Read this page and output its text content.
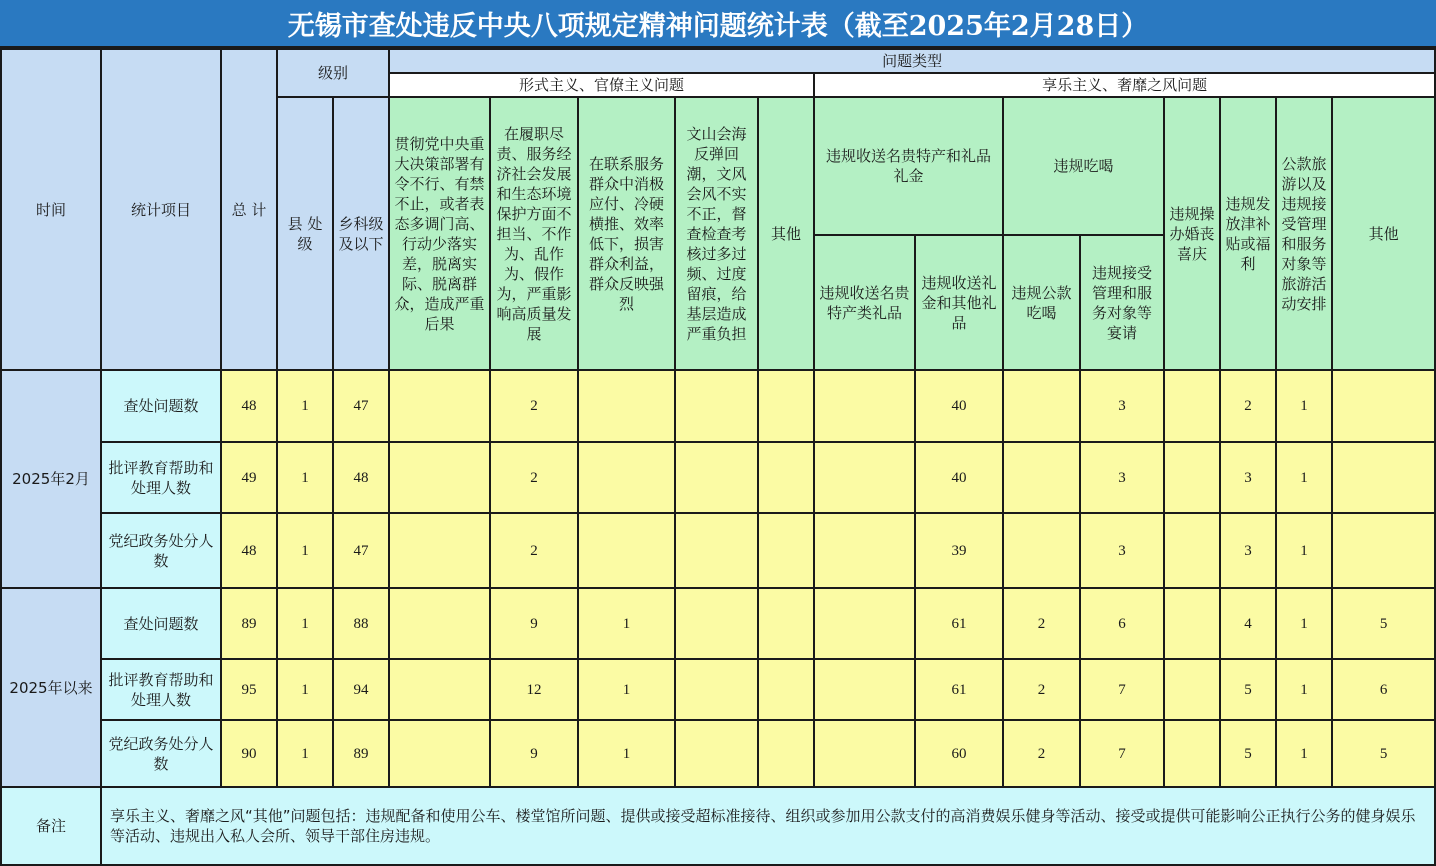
无锡市查处违反中央八项规定精神问题统计表（截至2025年2月28日）
时间	统计项目	总 计	级别		问题类型												
					形式主义、官僚主义问题					享乐主义、奢靡之风问题							
			县 处 级	乡科级及以下	贯彻党中央重大决策部署有令不行、有禁不止，或者表态多调门高、行动少落实差，脱离实际、脱离群众，造成严重后果	在履职尽责、服务经济社会发展和生态环境保护方面不担当、不作为、乱作为、假作为，严重影响高质量发展	在联系服务群众中消极应付、冷硬横推、效率低下，损害群众利益，群众反映强烈	文山会海反弹回潮，文风会风不实不正，督查检查考核过多过频、过度留痕，给基层造成严重负担	其他	违规收送名贵特产和礼品礼金		违规吃喝		违规操办婚丧喜庆	违规发放津补贴或福利	公款旅游以及违规接受管理和服务对象等旅游活动安排	其他
										违规收送名贵特产类礼品	违规收送礼金和其他礼品	违规公款吃喝	违规接受管理和服务对象等宴请				
2025年2月	查处问题数	48	1	47		2					40		3		2	1	
	批评教育帮助和处理人数	49	1	48		2					40		3		3	1	
	党纪政务处分人数	48	1	47		2					39		3		3	1	
2025年以来	查处问题数	89	1	88		9	1				61	2	6		4	1	5
	批评教育帮助和处理人数	95	1	94		12	1				61	2	7		5	1	6
	党纪政务处分人数	90	1	89		9	1				60	2	7		5	1	5
备注	享乐主义、奢靡之风“其他”问题包括：违规配备和使用公车、楼堂馆所问题、提供或接受超标准接待、组织或参加用公款支付的高消费娱乐健身等活动、接受或提供可能影响公正执行公务的健身娱乐等活动、违规出入私人会所、领导干部住房违规。																
